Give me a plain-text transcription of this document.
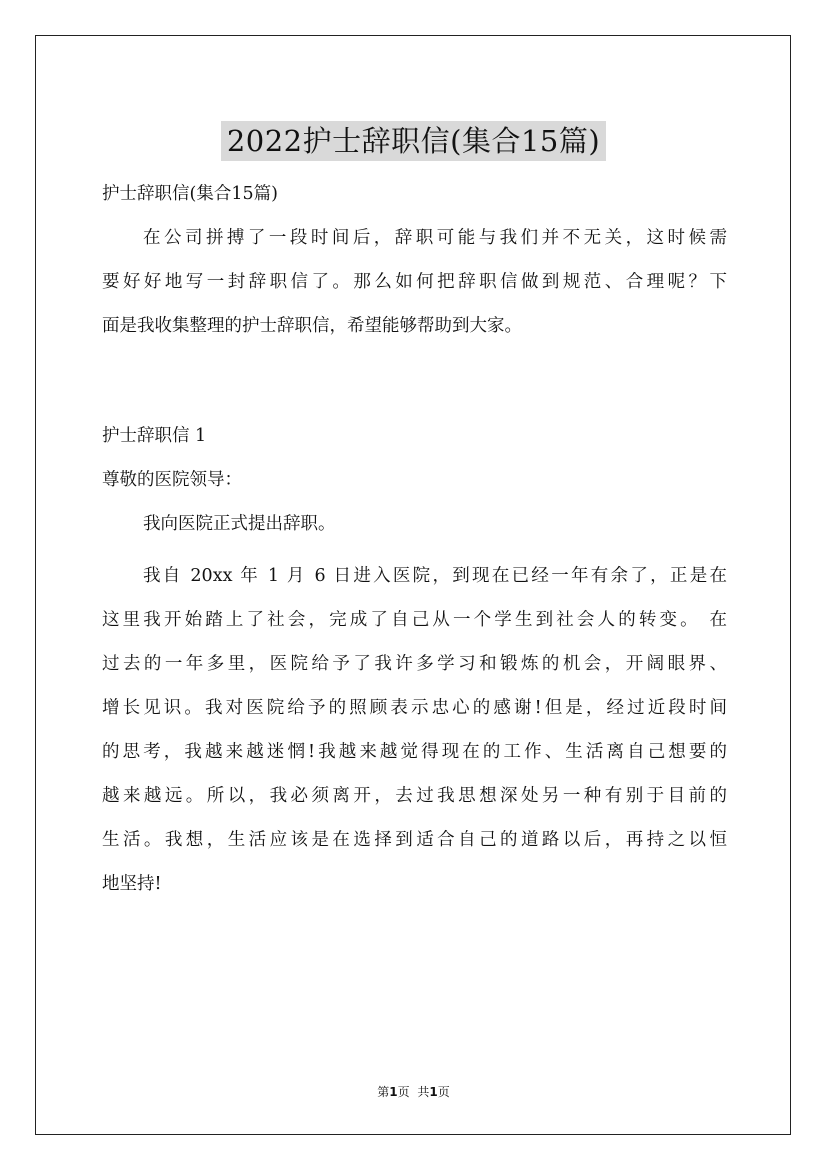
2022护士辞职信(集合15篇)
护士辞职信(集合15篇)
在公司拼搏了一段时间后，辞职可能与我们并不无关，这时候需
要好好地写一封辞职信了。那么如何把辞职信做到规范、合理呢？下
面是我收集整理的护士辞职信，希望能够帮助到大家。
护士辞职信 1
尊敬的医院领导：
我向医院正式提出辞职。
我自 20xx 年 1 月 6 日进入医院，到现在已经一年有余了，正是在
这里我开始踏上了社会，完成了自己从一个学生到社会人的转变。 在
过去的一年多里，医院给予了我许多学习和锻炼的机会，开阔眼界、
增长见识。我对医院给予的照顾表示忠心的感谢!但是，经过近段时间
的思考，我越来越迷惘!我越来越觉得现在的工作、生活离自己想要的
越来越远。所以，我必须离开，去过我思想深处另一种有别于目前的
生活。我想，生活应该是在选择到适合自己的道路以后，再持之以恒
地坚持!
第1页 共1页
